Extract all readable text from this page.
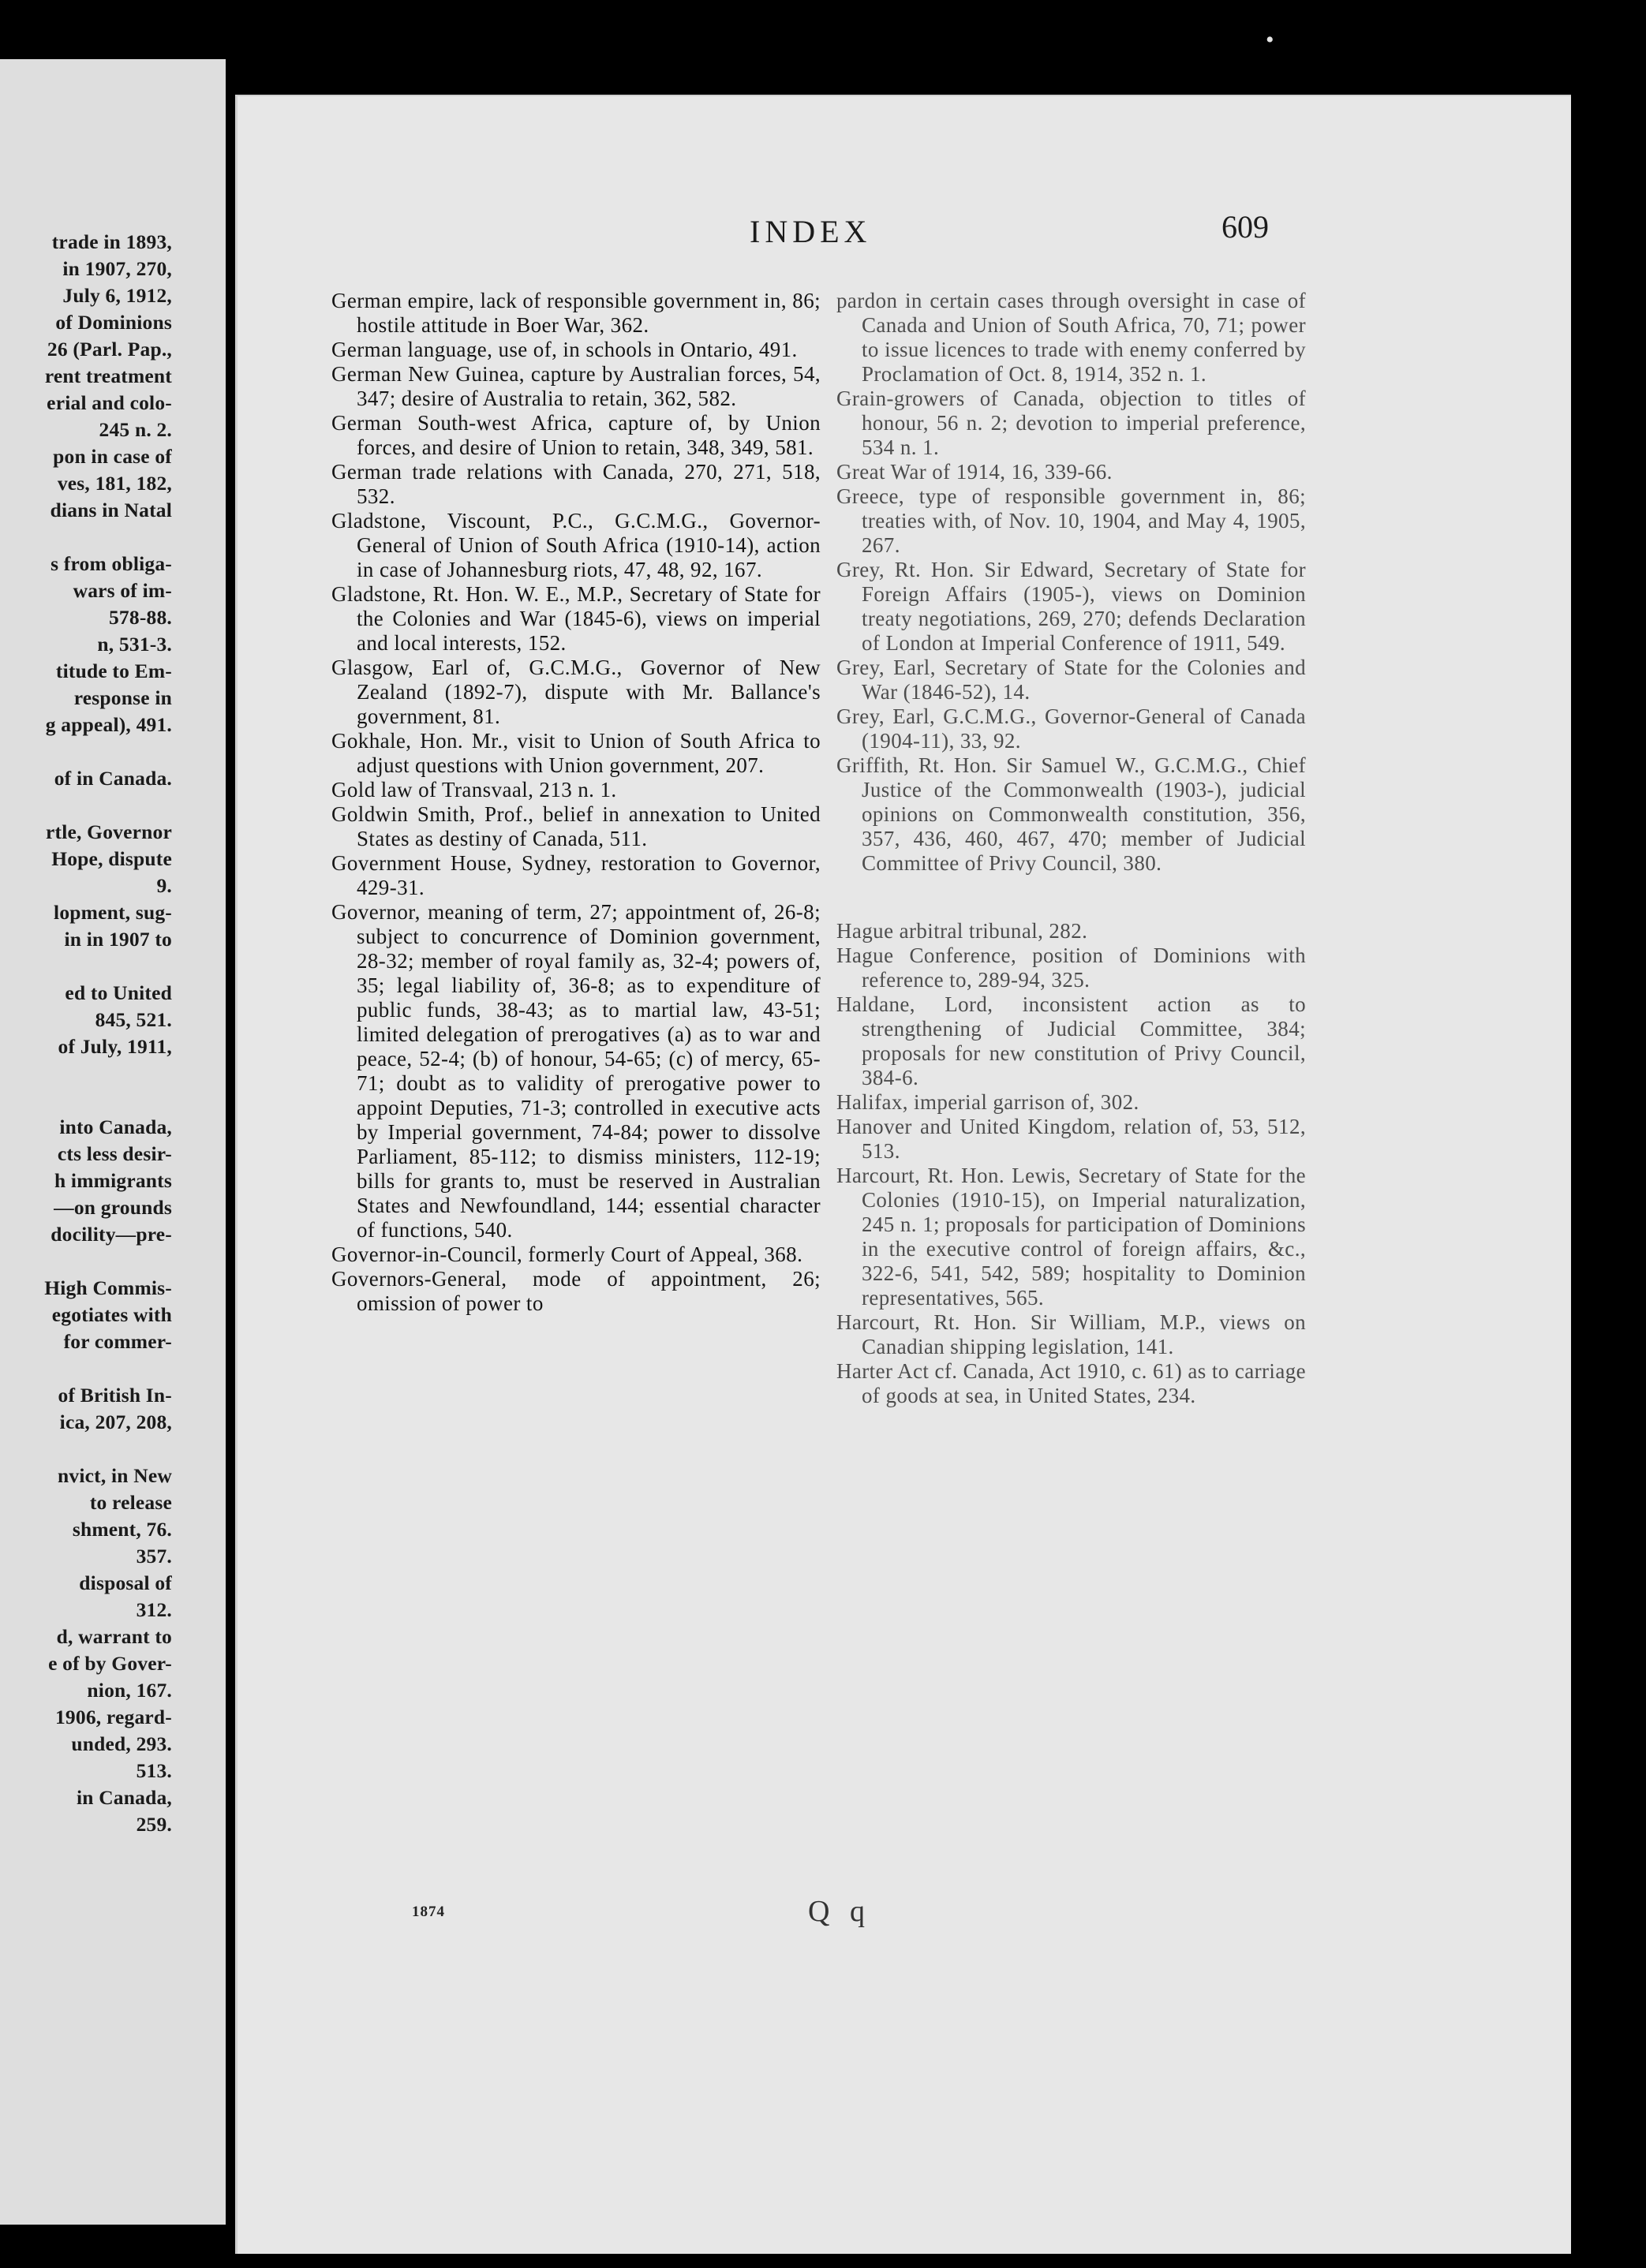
trade in 1893,
in 1907, 270,
July 6, 1912,
of Dominions
26 (Parl. Pap.,
rent treatment
erial and colo-
245 n. 2.
pon in case of
ves, 181, 182,
dians in Natal
s from obliga-
wars of im-
578-88.
n, 531-3.
titude to Em-
response in
g appeal), 491.
of in Canada.
rtle, Governor
Hope, dispute
9.
lopment, sug-
in in 1907 to
ed to United
845, 521.
of July, 1911,
into Canada,
cts less desir-
h immigrants
—on grounds
docility—pre-
High Commis-
egotiates with
for commer-
of British In-
ica, 207, 208,
nvict, in New
to release
shment, 76.
357.
disposal of
312.
d, warrant to
e of by Gover-
nion, 167.
1906, regard-
unded, 293.
513.
in Canada,
259.
•
INDEX	609

German empire, lack of responsible government in, 86; hostile attitude in Boer War, 362.

German language, use of, in schools in Ontario, 491.

German New Guinea, capture by Australian forces, 54, 347; desire of Australia to retain, 362, 582.

German South-west Africa, capture of, by Union forces, and desire of Union to retain, 348, 349, 581.

German trade relations with Canada, 270, 271, 518, 532.

Gladstone, Viscount, P.C., G.C.M.G., Governor-General of Union of South Africa (1910-14), action in case of Johannesburg riots, 47, 48, 92, 167.

Gladstone, Rt. Hon. W. E., M.P., Secretary of State for the Colonies and War (1845-6), views on imperial and local interests, 152.

Glasgow, Earl of, G.C.M.G., Governor of New Zealand (1892-7), dispute with Mr. Ballance's government, 81.

Gokhale, Hon. Mr., visit to Union of South Africa to adjust questions with Union government, 207.

Gold law of Transvaal, 213 n. 1.

Goldwin Smith, Prof., belief in annexation to United States as destiny of Canada, 511.

Government House, Sydney, restoration to Governor, 429-31.

Governor, meaning of term, 27; appointment of, 26-8; subject to concurrence of Dominion government, 28-32; member of royal family as, 32-4; powers of, 35; legal liability of, 36-8; as to expenditure of public funds, 38-43; as to martial law, 43-51; limited delegation of prerogatives (a) as to war and peace, 52-4; (b) of honour, 54-65; (c) of mercy, 65-71; doubt as to validity of prerogative power to appoint Deputies, 71-3; controlled in executive acts by Imperial government, 74-84; power to dissolve Parliament, 85-112; to dismiss ministers, 112-19; bills for grants to, must be reserved in Australian States and Newfoundland, 144; essential character of functions, 540.

Governor-in-Council, formerly Court of Appeal, 368.

Governors-General, mode of appointment, 26; omission of power to

pardon in certain cases through oversight in case of Canada and Union of South Africa, 70, 71; power to issue licences to trade with enemy conferred by Proclamation of Oct. 8, 1914, 352 n. 1.

Grain-growers of Canada, objection to titles of honour, 56 n. 2; devotion to imperial preference, 534 n. 1.

Great War of 1914, 16, 339-66.

Greece, type of responsible government in, 86; treaties with, of Nov. 10, 1904, and May 4, 1905, 267.

Grey, Rt. Hon. Sir Edward, Secretary of State for Foreign Affairs (1905-), views on Dominion treaty negotiations, 269, 270; defends Declaration of London at Imperial Conference of 1911, 549.

Grey, Earl, Secretary of State for the Colonies and War (1846-52), 14.

Grey, Earl, G.C.M.G., Governor-General of Canada (1904-11), 33, 92.

Griffith, Rt. Hon. Sir Samuel W., G.C.M.G., Chief Justice of the Commonwealth (1903-), judicial opinions on Commonwealth constitution, 356, 357, 436, 460, 467, 470; member of Judicial Committee of Privy Council, 380.

Hague arbitral tribunal, 282.

Hague Conference, position of Dominions with reference to, 289-94, 325.

Haldane, Lord, inconsistent action as to strengthening of Judicial Committee, 384; proposals for new constitution of Privy Council, 384-6.

Halifax, imperial garrison of, 302.

Hanover and United Kingdom, relation of, 53, 512, 513.

Harcourt, Rt. Hon. Lewis, Secretary of State for the Colonies (1910-15), on Imperial naturalization, 245 n. 1; proposals for participation of Dominions in the executive control of foreign affairs, &c., 322-6, 541, 542, 589; hospitality to Dominion representatives, 565.

Harcourt, Rt. Hon. Sir William, M.P., views on Canadian shipping legislation, 141.

Harter Act cf. Canada, Act 1910, c. 61) as to carriage of goods at sea, in United States, 234.

1874	Q q
